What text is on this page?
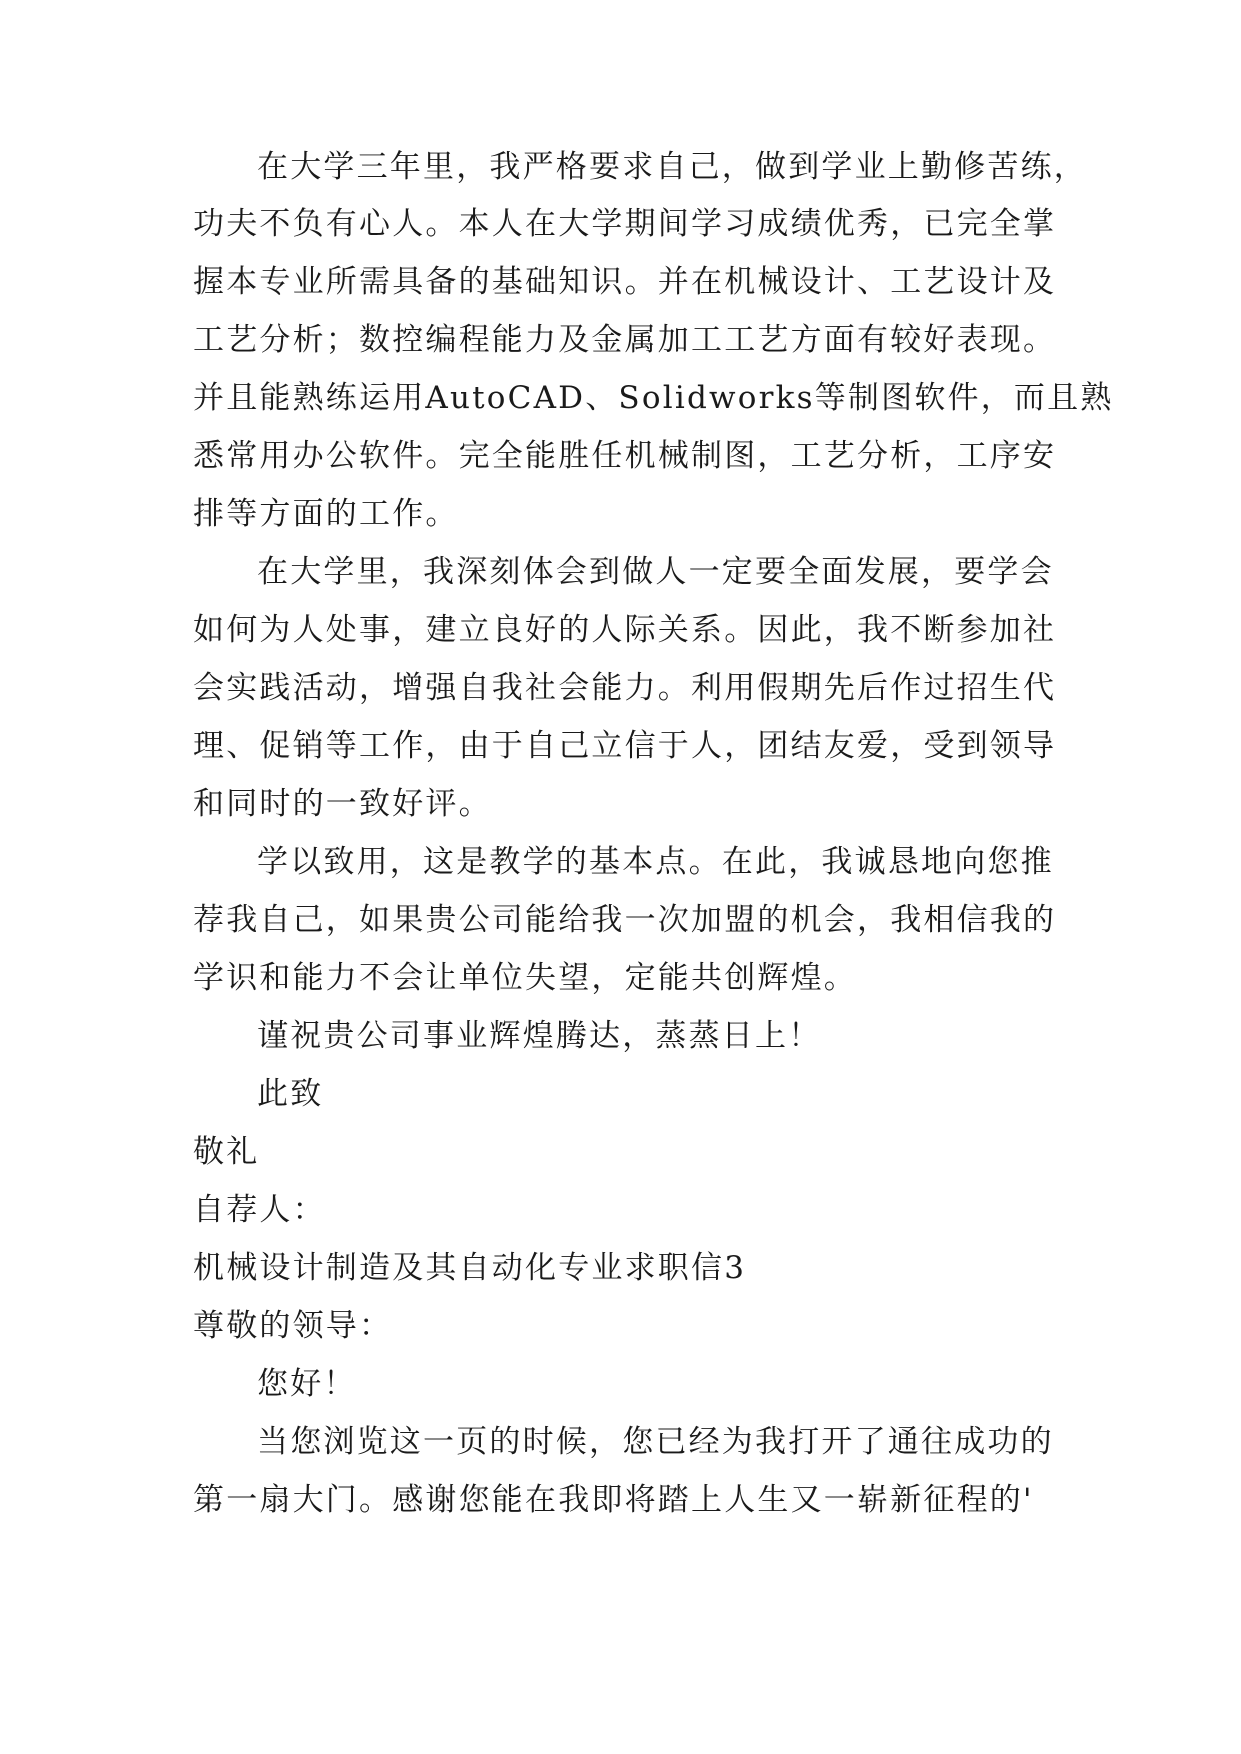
在大学三年里，我严格要求自己，做到学业上勤修苦练，
功夫不负有心人。本人在大学期间学习成绩优秀，已完全掌
握本专业所需具备的基础知识。并在机械设计、工艺设计及
工艺分析；数控编程能力及金属加工工艺方面有较好表现。
并且能熟练运用AutoCAD、Solidworks等制图软件，而且熟
悉常用办公软件。完全能胜任机械制图，工艺分析，工序安
排等方面的工作。
在大学里，我深刻体会到做人一定要全面发展，要学会
如何为人处事，建立良好的人际关系。因此，我不断参加社
会实践活动，增强自我社会能力。利用假期先后作过招生代
理、促销等工作，由于自己立信于人，团结友爱，受到领导
和同时的一致好评。
学以致用，这是教学的基本点。在此，我诚恳地向您推
荐我自己，如果贵公司能给我一次加盟的机会，我相信我的
学识和能力不会让单位失望，定能共创辉煌。
谨祝贵公司事业辉煌腾达，蒸蒸日上！
此致
敬礼
自荐人：
机械设计制造及其自动化专业求职信3
尊敬的领导：
您好！
当您浏览这一页的时候，您已经为我打开了通往成功的
第一扇大门。感谢您能在我即将踏上人生又一崭新征程的'
